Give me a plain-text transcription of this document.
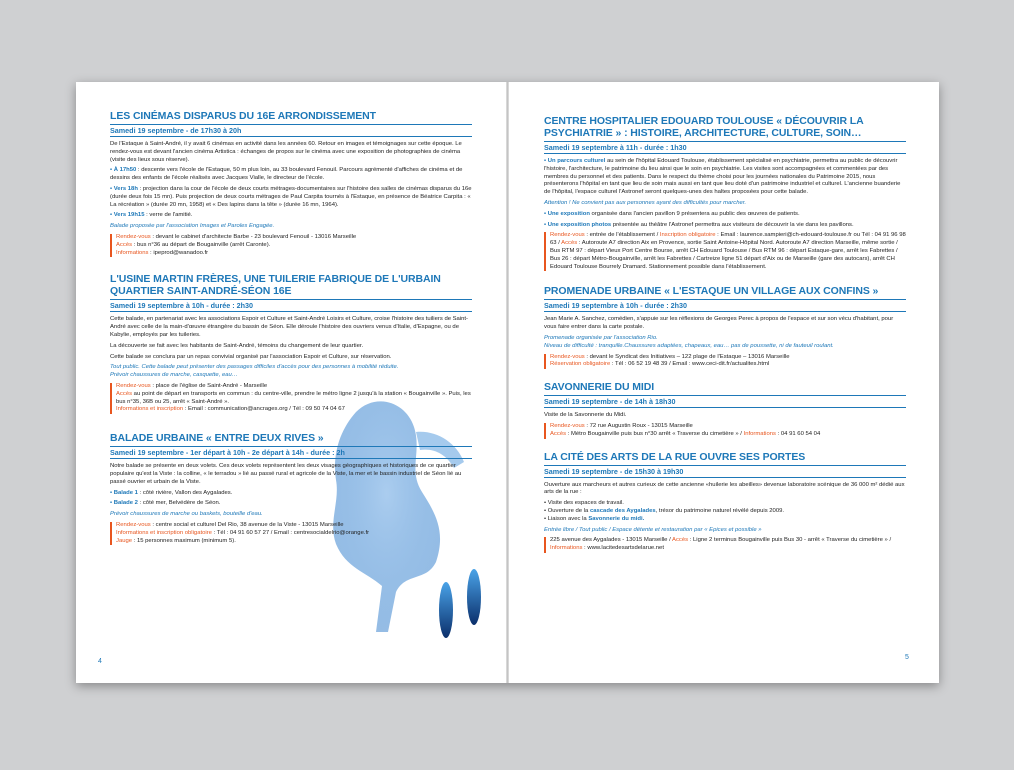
LES CINÉMAS DISPARUS DU 16E ARRONDISSEMENT
Samedi 19 septembre - de 17h30 à 20h

De l'Estaque à Saint-André, il y avait 6 cinémas en activité dans les années 60. Retour en images et témoignages sur cette époque. Le rendez-vous est devant l'ancien cinéma Artistica : échanges de propos sur le cinéma avec une exposition de photographies de cinéma (visite des lieux sous réserve).

• À 17h50 : descente vers l'école de l'Estaque, 50 m plus loin, au 33 boulevard Fenouil. Parcours agrémenté d'affiches de cinéma et de dessins des enfants de l'école réalisés avec Jacques Vialle, le directeur de l'école.

• Vers 18h : projection dans la cour de l'école de deux courts métrages-documentaires sur l'histoire des salles de cinémas disparus du 16e (durée deux fois 15 mn). Puis projection de deux courts métrages de Paul Carpita tournés à l'Estaque, en présence de Béatrice Carpita : « La récréation » (durée 20 mn, 1958) et « Des lapins dans la tête » (durée 16 mn, 1964).

• Vers 19h15 : verre de l'amitié.

Balade proposée par l'association Images et Paroles Engagée.

Rendez-vous : devant le cabinet d'architecte Barbe - 23 boulevard Fenouil - 13016 Marseille

Accès : bus n°36 au départ de Bougainville (arrêt Caronte).

Informations : ipeprod@wanadoo.fr

L'USINE MARTIN FRÈRES, UNE TUILERIE FABRIQUE DE L'URBAIN QUARTIER SAINT-ANDRÉ-SÉON 16E
Samedi 19 septembre à 10h - durée : 2h30

Cette balade, en partenariat avec les associations Espoir et Culture et Saint-André Loisirs et Culture, croise l'histoire des tuiliers de Saint-André avec celle de la main-d'œuvre étrangère du bassin de Séon. Elle déroule l'histoire des ouvriers venus d'Italie, d'Espagne, ou de Kabylie, employés par les tuileries.

La découverte se fait avec les habitants de Saint-André, témoins du changement de leur quartier.

Cette balade se conclura par un repas convivial organisé par l'association Espoir et Culture, sur réservation.

Tout public. Cette balade peut présenter des passages difficiles d'accès pour des personnes à mobilité réduite.

Prévoir chaussures de marche, casquette, eau…

Rendez-vous : place de l'église de Saint-André - Marseille

Accès au point de départ en transports en commun : du centre-ville, prendre le métro ligne 2 jusqu'à la station « Bougainville ». Puis, les bus n°35, 36B ou 25, arrêt « Saint-André ».

Informations et inscription : Email : communication@ancrages.org / Tél : 09 50 74 04 67

BALADE URBAINE « ENTRE DEUX RIVES »
Samedi 19 septembre - 1er départ à 10h - 2e départ à 14h - durée : 2h

Notre balade se présente en deux volets. Ces deux volets représentent les deux visages géographiques et historiques de ce quartier populaire qu'est la Viste : la colline, « le terradou » lié au passé rural et agricole de la Viste, la mer et le bassin industriel de Séon lié au passé ouvrier et urbain de la Viste.

• Balade 1 : côté rivière, Vallon des Aygalades.

• Balade 2 : côté mer, Belvédère de Séon.

Prévoir chaussures de marche ou baskets, bouteille d'eau.

Rendez-vous : centre social et culturel Del Rio, 38 avenue de la Viste - 13015 Marseille

Informations et inscription obligatoire : Tél : 04 91 60 57 27 / Email : centresocialdelrio@orange.fr

Jauge : 15 personnes maximum (minimum 5).

4
CENTRE HOSPITALIER EDOUARD TOULOUSE « DÉCOUVRIR LA PSYCHIATRIE » : HISTOIRE, ARCHITECTURE, CULTURE, SOIN…
Samedi 19 septembre à 11h - durée : 1h30

• Un parcours culturel au sein de l'hôpital Edouard Toulouse, établissement spécialisé en psychiatrie, permettra au public de découvrir l'histoire, l'architecture, le patrimoine du lieu ainsi que le soin en psychiatrie. Les visites sont accompagnées et commentées par des membres du personnel et des patients. Dans le respect du thème choisi pour les journées nationales du Patrimoine 2015, nous présenterons l'hôpital en tant que lieu de soin mais aussi en tant que lieu doté d'un patrimoine industriel et culturel. L'ancienne buanderie de l'hôpital, l'espace culturel l'Astronef seront quelques-unes des haltes proposées pour cette balade.

Attention ! Ne convient pas aux personnes ayant des difficultés pour marcher.

• Une exposition organisée dans l'ancien pavillon 9 présentera au public des œuvres de patients.

• Une exposition photos présentée au théâtre l'Astronef permettra aux visiteurs de découvrir la vie dans les pavillons.

Rendez-vous : entrée de l'établissement / Inscription obligatoire : Email : laurence.sampieri@ch-edouard-toulouse.fr ou Tél : 04 91 96 98 63 / Accès : Autoroute A7 direction Aix en Provence, sortie Saint Antoine-Hôpital Nord. Autoroute A7 direction Marseille, même sortie / Bus RTM 97 : départ Vieux Port Centre Bourse, arrêt CH Edouard Toulouse / Bus RTM 96 : départ Estaque-gare, arrêt les Fabrettes / Bus 26 : départ Métro-Bougainville, arrêt les Fabrettes / Cartreize ligne 51 départ d'Aix ou de Marseille (gare des autocars), arrêt CH Edouard Toulouse Bourrely Dramard. Stationnement possible dans l'établissement.

PROMENADE URBAINE « L'ESTAQUE UN VILLAGE AUX CONFINS »
Samedi 19 septembre à 10h - durée : 2h30

Jean Marie A. Sanchez, comédien, s'appuie sur les réflexions de Georges Perec à propos de l'espace et sur son vécu d'habitant, pour vous faire entrer dans la carte postale.

Promenade organisée par l'association Rio.

Niveau de difficulté : tranquille.Chaussures adaptées, chapeaux, eau… pas de poussette, ni de fauteuil roulant.

Rendez-vous : devant le Syndicat des Initiatives – 122 plage de l'Estaque – 13016 Marseille

Réservation obligatoire : Tél : 06 52 19 48 39 / Email : www.ceci-dit.fr/actualites.html

SAVONNERIE DU MIDI
Samedi 19 septembre - de 14h à 18h30

Visite de la Savonnerie du Midi.

Rendez-vous : 72 rue Augustin Roux - 13015 Marseille

Accès : Métro Bougainville puis bus n°30 arrêt « Traverse du cimetière » / Informations : 04 91 60 54 04

LA CITÉ DES ARTS DE LA RUE OUVRE SES PORTES
Samedi 19 septembre - de 15h30 à 19h30

Ouverture aux marcheurs et autres curieux de cette ancienne «huilerie les abeilles» devenue laboratoire scénique de 36 000 m² dédié aux arts de la rue :

• Visite des espaces de travail.

• Ouverture de la cascade des Aygalades, trésor du patrimoine naturel révélé depuis 2009.

• Liaison avec la Savonnerie du midi.

Entrée libre / Tout public / Espace détente et restauration par « Epices et possible »

225 avenue des Aygalades - 13015 Marseille / Accès : Ligne 2 terminus Bougainville puis Bus 30 - arrêt « Traverse du cimetière » / Informations : www.lacitedesartsdelarue.net

5
